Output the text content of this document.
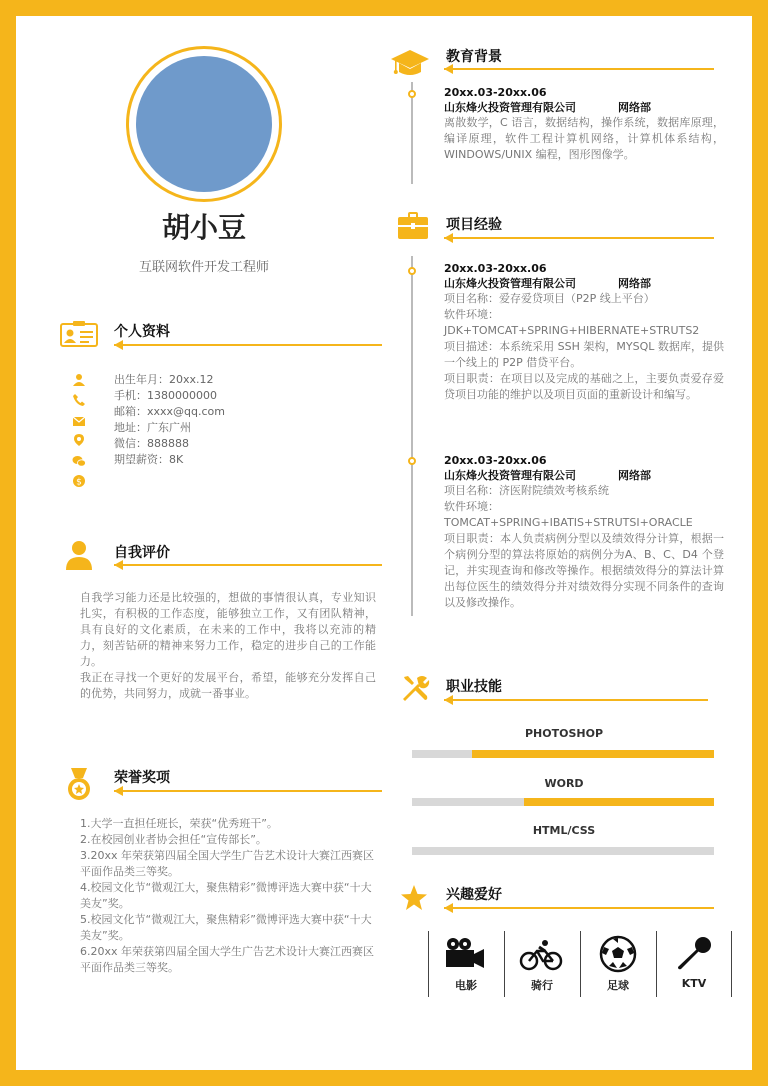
胡小豆
互联网软件开发工程师
个人资料
$
出生年月：20xx.12
手机：1380000000
邮箱：xxxx@qq.com
地址：广东广州
微信：888888
期望薪资：8K
自我评价
自我学习能力还是比较强的，想做的事情很认真，专业知识扎实，有积极的工作态度，能够独立工作，又有团队精神，具有良好的文化素质，在未来的工作中，我将以充沛的精力，刻苦钻研的精神来努力工作，稳定的进步自己的工作能力。
我正在寻找一个更好的发展平台，希望，能够充分发挥自己的优势，共同努力，成就一番事业。
荣誉奖项
1.大学一直担任班长，荣获“优秀班干”。
2.在校园创业者协会担任“宣传部长”。
3.20xx 年荣获第四届全国大学生广告艺术设计大赛江西赛区平面作品类三等奖。
4.校园文化节“微观江大，聚焦精彩”微博评选大赛中获“十大美友”奖。
5.校园文化节“微观江大，聚焦精彩”微博评选大赛中获“十大美友”奖。
6.20xx 年荣获第四届全国大学生广告艺术设计大赛江西赛区平面作品类三等奖。
教育背景
20xx.03-20xx.06
山东烽火投资管理有限公司	网络部
离散数学，C 语言，数据结构，操作系统，数据库原理，编译原理，软件工程计算机网络，计算机体系结构，WINDOWS/UNIX 编程，图形图像学。
项目经验
20xx.03-20xx.06
山东烽火投资管理有限公司	网络部
项目名称：爱存爱贷项目（P2P 线上平台）
软件环境：
JDK+TOMCAT+SPRING+HIBERNATE+STRUTS2
项目描述：本系统采用 SSH 架构，MYSQL 数据库，提供一个线上的 P2P 借贷平台。
项目职责：在项目以及完成的基础之上，主要负责爱存爱贷项目功能的维护以及项目页面的重新设计和编写。
20xx.03-20xx.06
山东烽火投资管理有限公司	网络部
项目名称：济医附院绩效考核系统
软件环境：
TOMCAT+SPRING+IBATIS+STRUTSI+ORACLE
项目职责：本人负责病例分型以及绩效得分计算，根据一个病例分型的算法将原始的病例分为A、B、C、D4 个登记，并实现查询和修改等操作。根据绩效得分的算法计算出每位医生的绩效得分并对绩效得分实现不同条件的查询以及修改操作。
职业技能
PHOTOSHOP
WORD
HTML/CSS
兴趣爱好
电影	骑行	足球	KTV
